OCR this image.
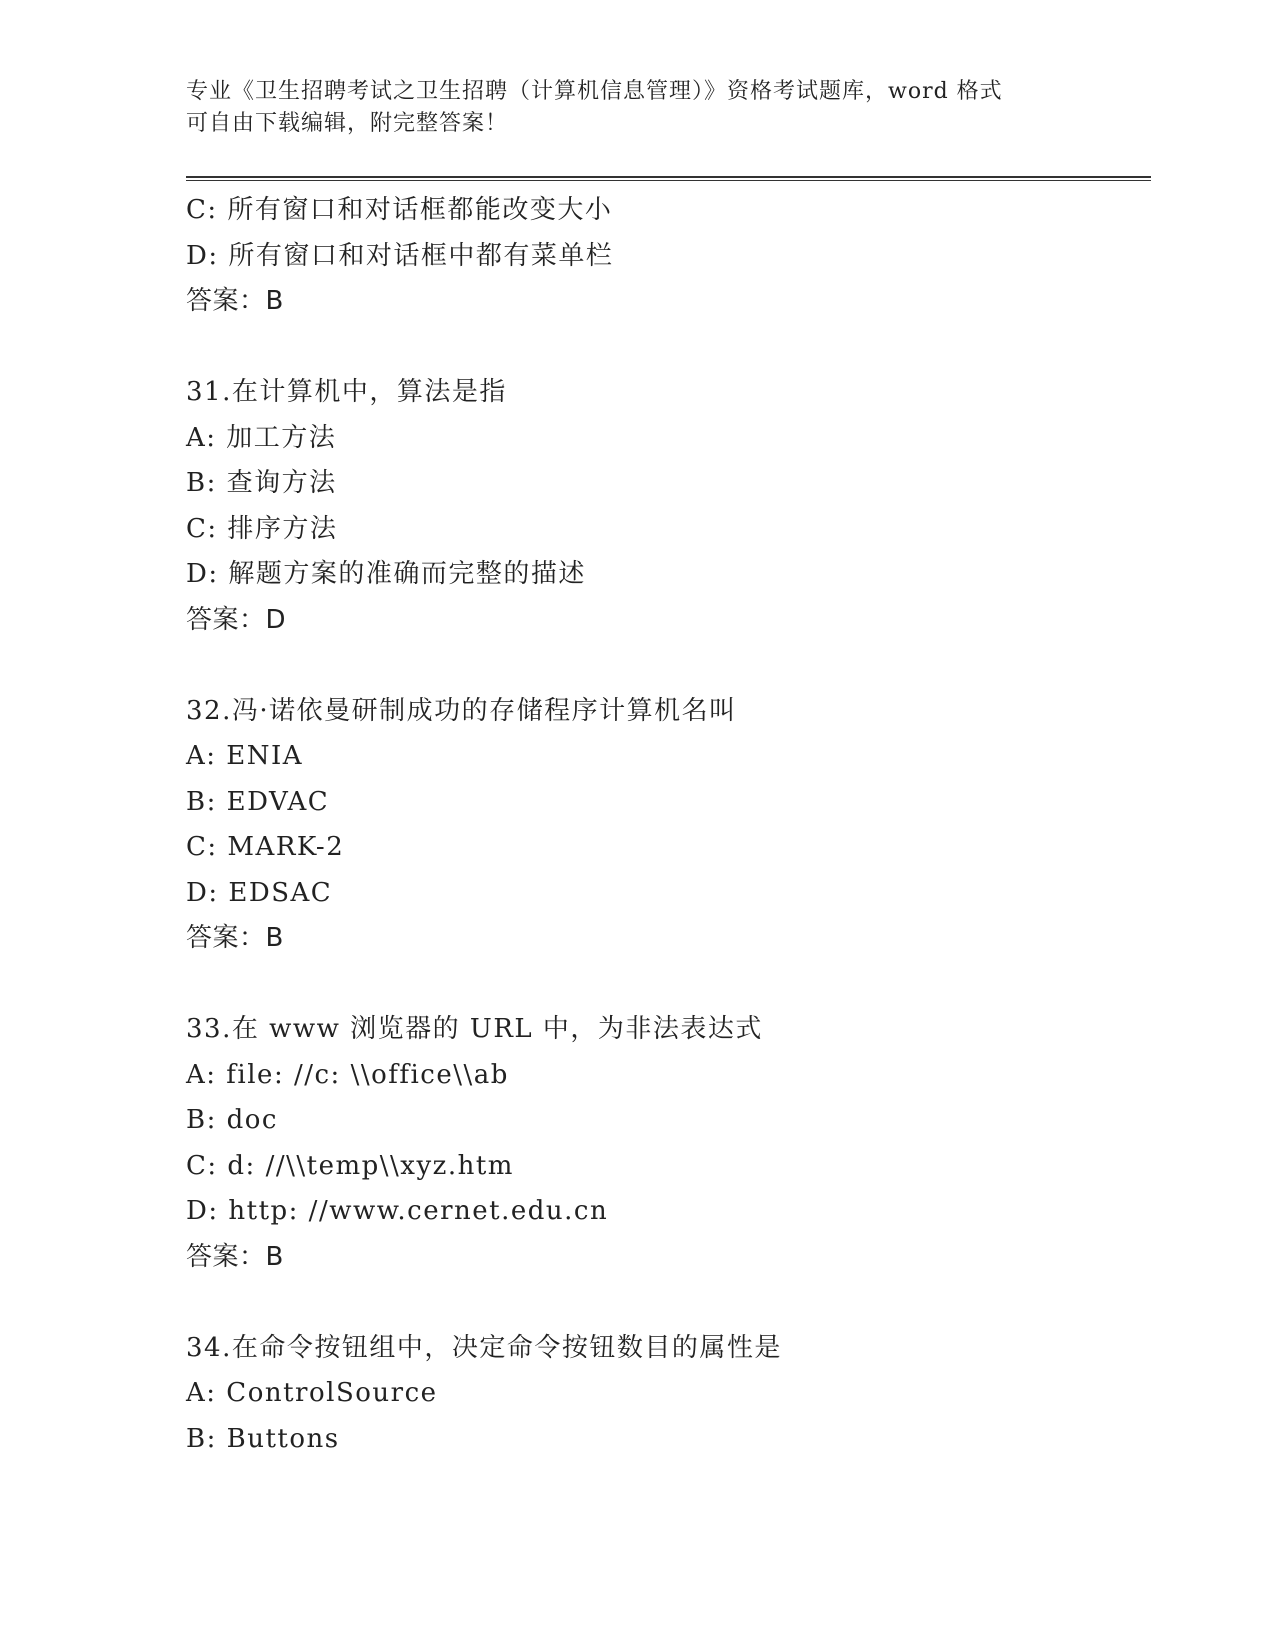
专业《卫生招聘考试之卫生招聘（计算机信息管理）》资格考试题库，word 格式
可自由下载编辑，附完整答案！
C: 所有窗口和对话框都能改变大小
D: 所有窗口和对话框中都有菜单栏
答案：B
31.在计算机中，算法是指
A: 加工方法
B: 查询方法
C: 排序方法
D: 解题方案的准确而完整的描述
答案：D
32.冯·诺依曼研制成功的存储程序计算机名叫
A: ENIA
B: EDVAC
C: MARK-2
D: EDSAC
答案：B
33.在 www 浏览器的 URL 中，为非法表达式
A: file: //c: \\office\\ab
B: doc
C: d: //\\temp\\xyz.htm
D: http: //www.cernet.edu.cn
答案：B
34.在命令按钮组中，决定命令按钮数目的属性是
A: ControlSource
B: Buttons
